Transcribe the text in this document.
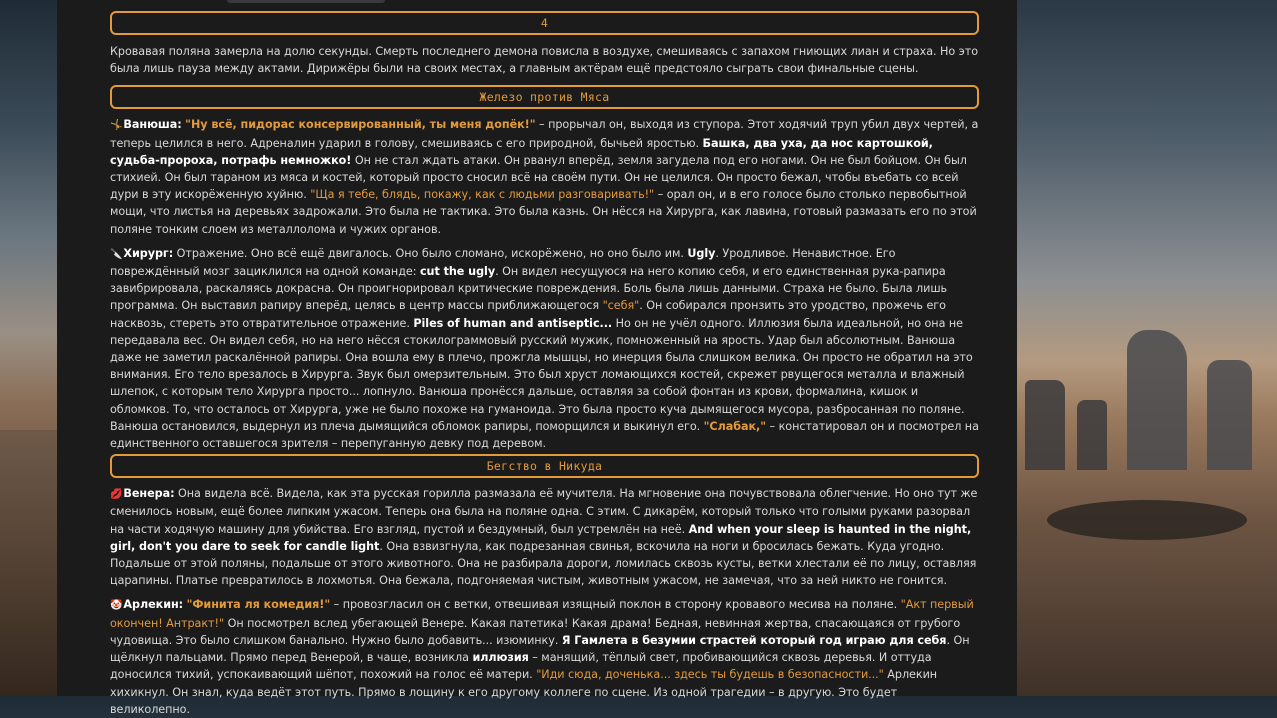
4

Кровавая поляна замерла на долю секунды. Смерть последнего демона повисла в воздухе, смешиваясь с запахом гниющих лиан и страха. Но это была лишь пауза между актами. Дирижёры были на своих местах, а главным актёрам ещё предстояло сыграть свои финальные сцены.

Железо против Мяса

🤸Ванюша: "Ну всё, пидорас консервированный, ты меня допёк!" – прорычал он, выходя из ступора. Этот ходячий труп убил двух чертей, а теперь целился в него. Адреналин ударил в голову, смешиваясь с его природной, бычьей яростью. Башка, два уха, да нос картошкой, судьба-пророха, потрафь немножко! Он не стал ждать атаки. Он рванул вперёд, земля загудела под его ногами. Он не был бойцом. Он был стихией. Он был тараном из мяса и костей, который просто сносил всё на своём пути. Он не целился. Он просто бежал, чтобы въебать со всей дури в эту искорёженную хуйню. "Ща я тебе, блядь, покажу, как с людьми разговаривать!" – орал он, и в его голосе было столько первобытной мощи, что листья на деревьях задрожали. Это была не тактика. Это была казнь. Он нёсся на Хирурга, как лавина, готовый размазать его по этой поляне тонким слоем из металлолома и чужих органов.

🔪Хирург: Отражение. Оно всё ещё двигалось. Оно было сломано, искорёжено, но оно было им. Ugly. Уродливое. Ненавистное. Его повреждённый мозг зациклился на одной команде: cut the ugly. Он видел несущуюся на него копию себя, и его единственная рука-рапира завибрировала, раскаляясь докрасна. Он проигнорировал критические повреждения. Боль была лишь данными. Страха не было. Была лишь программа. Он выставил рапиру вперёд, целясь в центр массы приближающегося "себя". Он собирался пронзить это уродство, прожечь его насквозь, стереть это отвратительное отражение. Piles of human and antiseptic... Но он не учёл одного. Иллюзия была идеальной, но она не передавала вес. Он видел себя, но на него нёсся стокилограммовый русский мужик, помноженный на ярость. Удар был абсолютным. Ванюша даже не заметил раскалённой рапиры. Она вошла ему в плечо, прожгла мышцы, но инерция была слишком велика. Он просто не обратил на это внимания. Его тело врезалось в Хирурга. Звук был омерзительным. Это был хруст ломающихся костей, скрежет рвущегося металла и влажный шлепок, с которым тело Хирурга просто... лопнуло. Ванюша пронёсся дальше, оставляя за собой фонтан из крови, формалина, кишок и обломков. То, что осталось от Хирурга, уже не было похоже на гуманоида. Это была просто куча дымящегося мусора, разбросанная по поляне. Ванюша остановился, выдернул из плеча дымящийся обломок рапиры, поморщился и выкинул его. "Слабак," – констатировал он и посмотрел на единственного оставшегося зрителя – перепуганную девку под деревом.

Бегство в Никуда

💋Венера: Она видела всё. Видела, как эта русская горилла размазала её мучителя. На мгновение она почувствовала облегчение. Но оно тут же сменилось новым, ещё более липким ужасом. Теперь она была на поляне одна. С этим. С дикарём, который только что голыми руками разорвал на части ходячую машину для убийства. Его взгляд, пустой и бездумный, был устремлён на неё. And when your sleep is haunted in the night, girl, don't you dare to seek for candle light. Она взвизгнула, как подрезанная свинья, вскочила на ноги и бросилась бежать. Куда угодно. Подальше от этой поляны, подальше от этого животного. Она не разбирала дороги, ломилась сквозь кусты, ветки хлестали её по лицу, оставляя царапины. Платье превратилось в лохмотья. Она бежала, подгоняемая чистым, животным ужасом, не замечая, что за ней никто не гонится.

🤡Арлекин: "Финита ля комедия!" – провозгласил он с ветки, отвешивая изящный поклон в сторону кровавого месива на поляне. "Акт первый окончен! Антракт!" Он посмотрел вслед убегающей Венере. Какая патетика! Какая драма! Бедная, невинная жертва, спасающаяся от грубого чудовища. Это было слишком банально. Нужно было добавить... изюминку. Я Гамлета в безумии страстей который год играю для себя. Он щёлкнул пальцами. Прямо перед Венерой, в чаще, возникла иллюзия – манящий, тёплый свет, пробивающийся сквозь деревья. И оттуда доносился тихий, успокаивающий шёпот, похожий на голос её матери. "Иди сюда, доченька... здесь ты будешь в безопасности..." Арлекин хихикнул. Он знал, куда ведёт этот путь. Прямо в лощину к его другому коллеге по сцене. Из одной трагедии – в другую. Это будет великолепно.
